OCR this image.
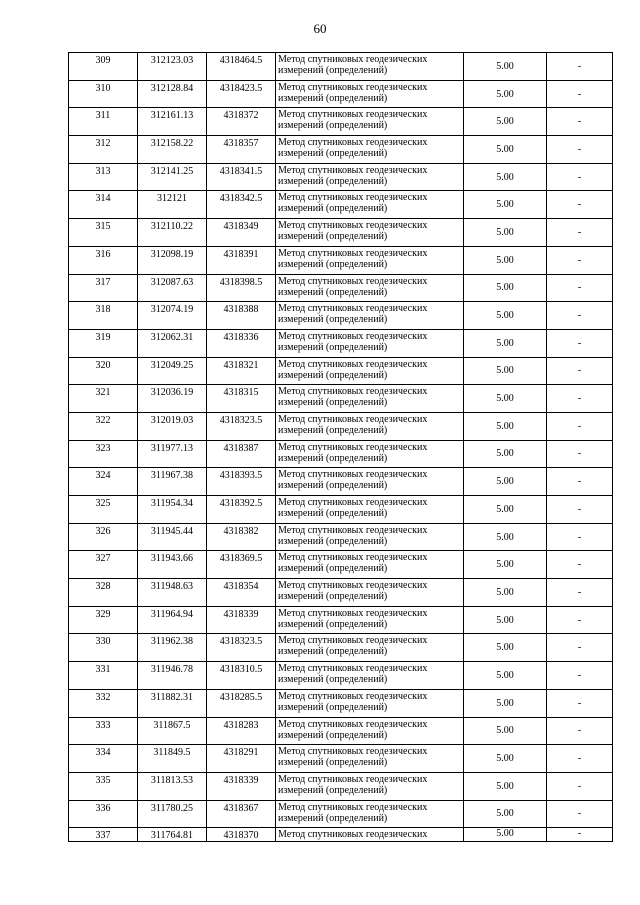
60
309	312123.03	4318464.5	Метод спутниковых геодезических измерений (определений)	5.00	-
310	312128.84	4318423.5	Метод спутниковых геодезических измерений (определений)	5.00	-
311	312161.13	4318372	Метод спутниковых геодезических измерений (определений)	5.00	-
312	312158.22	4318357	Метод спутниковых геодезических измерений (определений)	5.00	-
313	312141.25	4318341.5	Метод спутниковых геодезических измерений (определений)	5.00	-
314	312121	4318342.5	Метод спутниковых геодезических измерений (определений)	5.00	-
315	312110.22	4318349	Метод спутниковых геодезических измерений (определений)	5.00	-
316	312098.19	4318391	Метод спутниковых геодезических измерений (определений)	5.00	-
317	312087.63	4318398.5	Метод спутниковых геодезических измерений (определений)	5.00	-
318	312074.19	4318388	Метод спутниковых геодезических измерений (определений)	5.00	-
319	312062.31	4318336	Метод спутниковых геодезических измерений (определений)	5.00	-
320	312049.25	4318321	Метод спутниковых геодезических измерений (определений)	5.00	-
321	312036.19	4318315	Метод спутниковых геодезических измерений (определений)	5.00	-
322	312019.03	4318323.5	Метод спутниковых геодезических измерений (определений)	5.00	-
323	311977.13	4318387	Метод спутниковых геодезических измерений (определений)	5.00	-
324	311967.38	4318393.5	Метод спутниковых геодезических измерений (определений)	5.00	-
325	311954.34	4318392.5	Метод спутниковых геодезических измерений (определений)	5.00	-
326	311945.44	4318382	Метод спутниковых геодезических измерений (определений)	5.00	-
327	311943.66	4318369.5	Метод спутниковых геодезических измерений (определений)	5.00	-
328	311948.63	4318354	Метод спутниковых геодезических измерений (определений)	5.00	-
329	311964.94	4318339	Метод спутниковых геодезических измерений (определений)	5.00	-
330	311962.38	4318323.5	Метод спутниковых геодезических измерений (определений)	5.00	-
331	311946.78	4318310.5	Метод спутниковых геодезических измерений (определений)	5.00	-
332	311882.31	4318285.5	Метод спутниковых геодезических измерений (определений)	5.00	-
333	311867.5	4318283	Метод спутниковых геодезических измерений (определений)	5.00	-
334	311849.5	4318291	Метод спутниковых геодезических измерений (определений)	5.00	-
335	311813.53	4318339	Метод спутниковых геодезических измерений (определений)	5.00	-
336	311780.25	4318367	Метод спутниковых геодезических измерений (определений)	5.00	-
337	311764.81	4318370	Метод спутниковых геодезических	5.00	-
